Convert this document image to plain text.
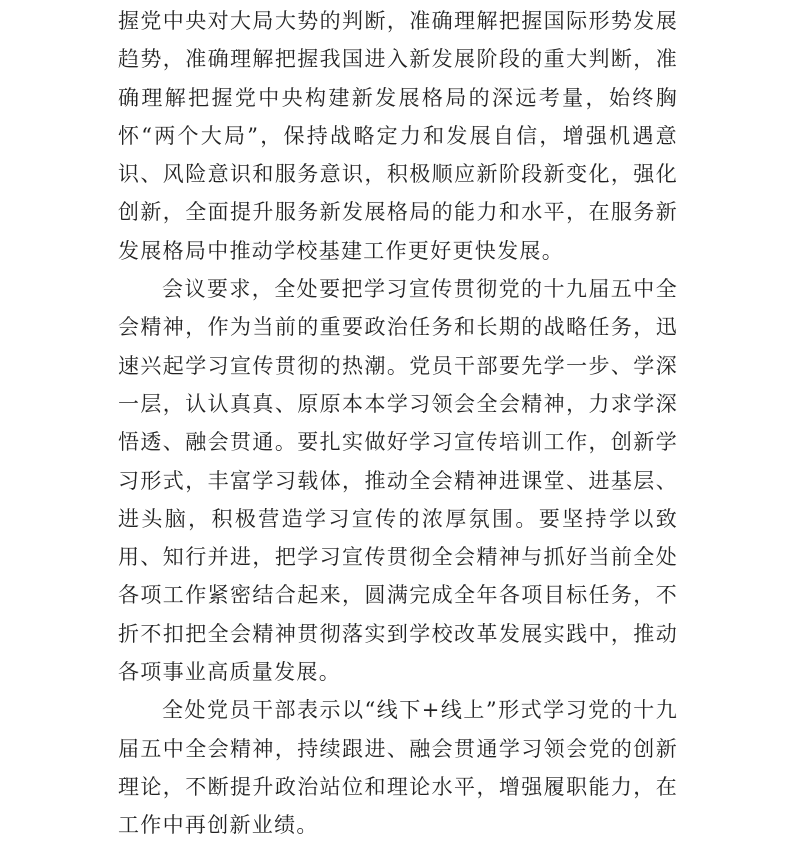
握党中央对大局大势的判断，准确理解把握国际形势发展趋势，准确理解把握我国进入新发展阶段的重大判断，准确理解把握党中央构建新发展格局的深远考量，始终胸怀“两个大局”，保持战略定力和发展自信，增强机遇意识、风险意识和服务意识，积极顺应新阶段新变化，强化创新，全面提升服务新发展格局的能力和水平，在服务新发展格局中推动学校基建工作更好更快发展。

会议要求，全处要把学习宣传贯彻党的十九届五中全会精神，作为当前的重要政治任务和长期的战略任务，迅速兴起学习宣传贯彻的热潮。党员干部要先学一步、学深一层，认认真真、原原本本学习领会全会精神，力求学深悟透、融会贯通。要扎实做好学习宣传培训工作，创新学习形式，丰富学习载体，推动全会精神进课堂、进基层、进头脑，积极营造学习宣传的浓厚氛围。要坚持学以致用、知行并进，把学习宣传贯彻全会精神与抓好当前全处各项工作紧密结合起来，圆满完成全年各项目标任务，不折不扣把全会精神贯彻落实到学校改革发展实践中，推动各项事业高质量发展。

全处党员干部表示以“线下+线上”形式学习党的十九届五中全会精神，持续跟进、融会贯通学习领会党的创新理论，不断提升政治站位和理论水平，增强履职能力，在工作中再创新业绩。
